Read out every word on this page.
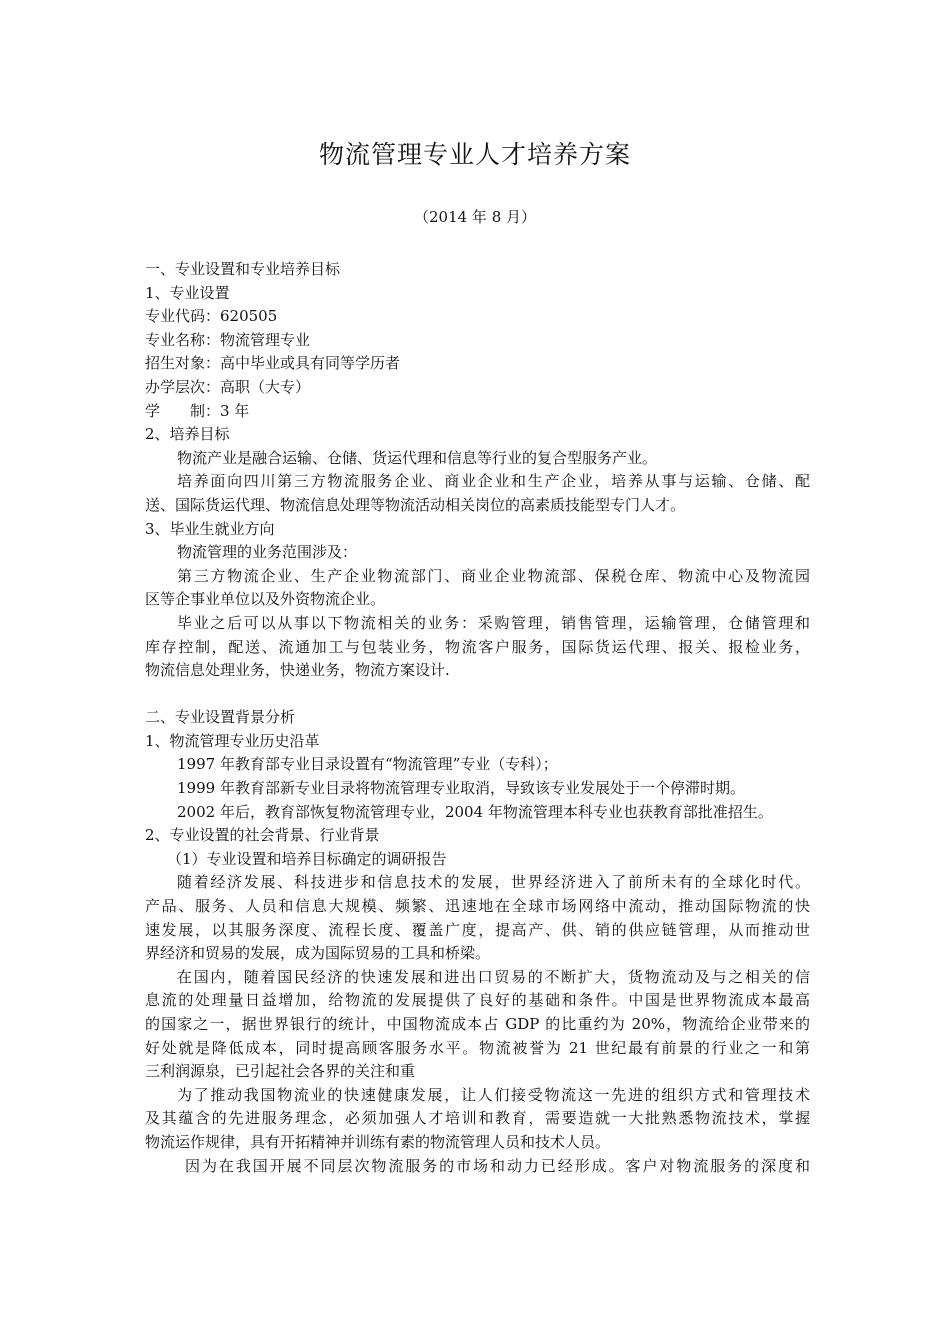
物流管理专业人才培养方案
（2014 年 8 月）
一、专业设置和专业培养目标
1、专业设置
专业代码：620505
专业名称：物流管理专业
招生对象：高中毕业或具有同等学历者
办学层次：高职（大专）
学　　制：3 年
2、培养目标
物流产业是融合运输、仓储、货运代理和信息等行业的复合型服务产业。
培养面向四川第三方物流服务企业、商业企业和生产企业，培养从事与运输、仓储、配
送、国际货运代理、物流信息处理等物流活动相关岗位的高素质技能型专门人才。
3、毕业生就业方向
物流管理的业务范围涉及：
第三方物流企业、生产企业物流部门、商业企业物流部、保税仓库、物流中心及物流园
区等企事业单位以及外资物流企业。
毕业之后可以从事以下物流相关的业务：采购管理，销售管理，运输管理，仓储管理和
库存控制，配送、流通加工与包装业务，物流客户服务，国际货运代理、报关、报检业务，
物流信息处理业务，快递业务，物流方案设计.
二、专业设置背景分析
1、物流管理专业历史沿革
1997 年教育部专业目录设置有“物流管理”专业（专科）；
1999 年教育部新专业目录将物流管理专业取消，导致该专业发展处于一个停滞时期。
2002 年后，教育部恢复物流管理专业，2004 年物流管理本科专业也获教育部批准招生。
2、专业设置的社会背景、行业背景
（1）专业设置和培养目标确定的调研报告
随着经济发展、科技进步和信息技术的发展，世界经济进入了前所未有的全球化时代。
产品、服务、人员和信息大规模、频繁、迅速地在全球市场网络中流动，推动国际物流的快
速发展，以其服务深度、流程长度、覆盖广度，提高产、供、销的供应链管理，从而推动世
界经济和贸易的发展，成为国际贸易的工具和桥梁。
在国内，随着国民经济的快速发展和进出口贸易的不断扩大，货物流动及与之相关的信
息流的处理量日益增加，给物流的发展提供了良好的基础和条件。中国是世界物流成本最高
的国家之一，据世界银行的统计，中国物流成本占 GDP 的比重约为 20%，物流给企业带来的
好处就是降低成本，同时提高顾客服务水平。物流被誉为 21 世纪最有前景的行业之一和第
三利润源泉，已引起社会各界的关注和重
为了推动我国物流业的快速健康发展，让人们接受物流这一先进的组织方式和管理技术
及其蕴含的先进服务理念，必须加强人才培训和教育，需要造就一大批熟悉物流技术，掌握
物流运作规律，具有开拓精神并训练有素的物流管理人员和技术人员。
因为在我国开展不同层次物流服务的市场和动力已经形成。客户对物流服务的深度和
